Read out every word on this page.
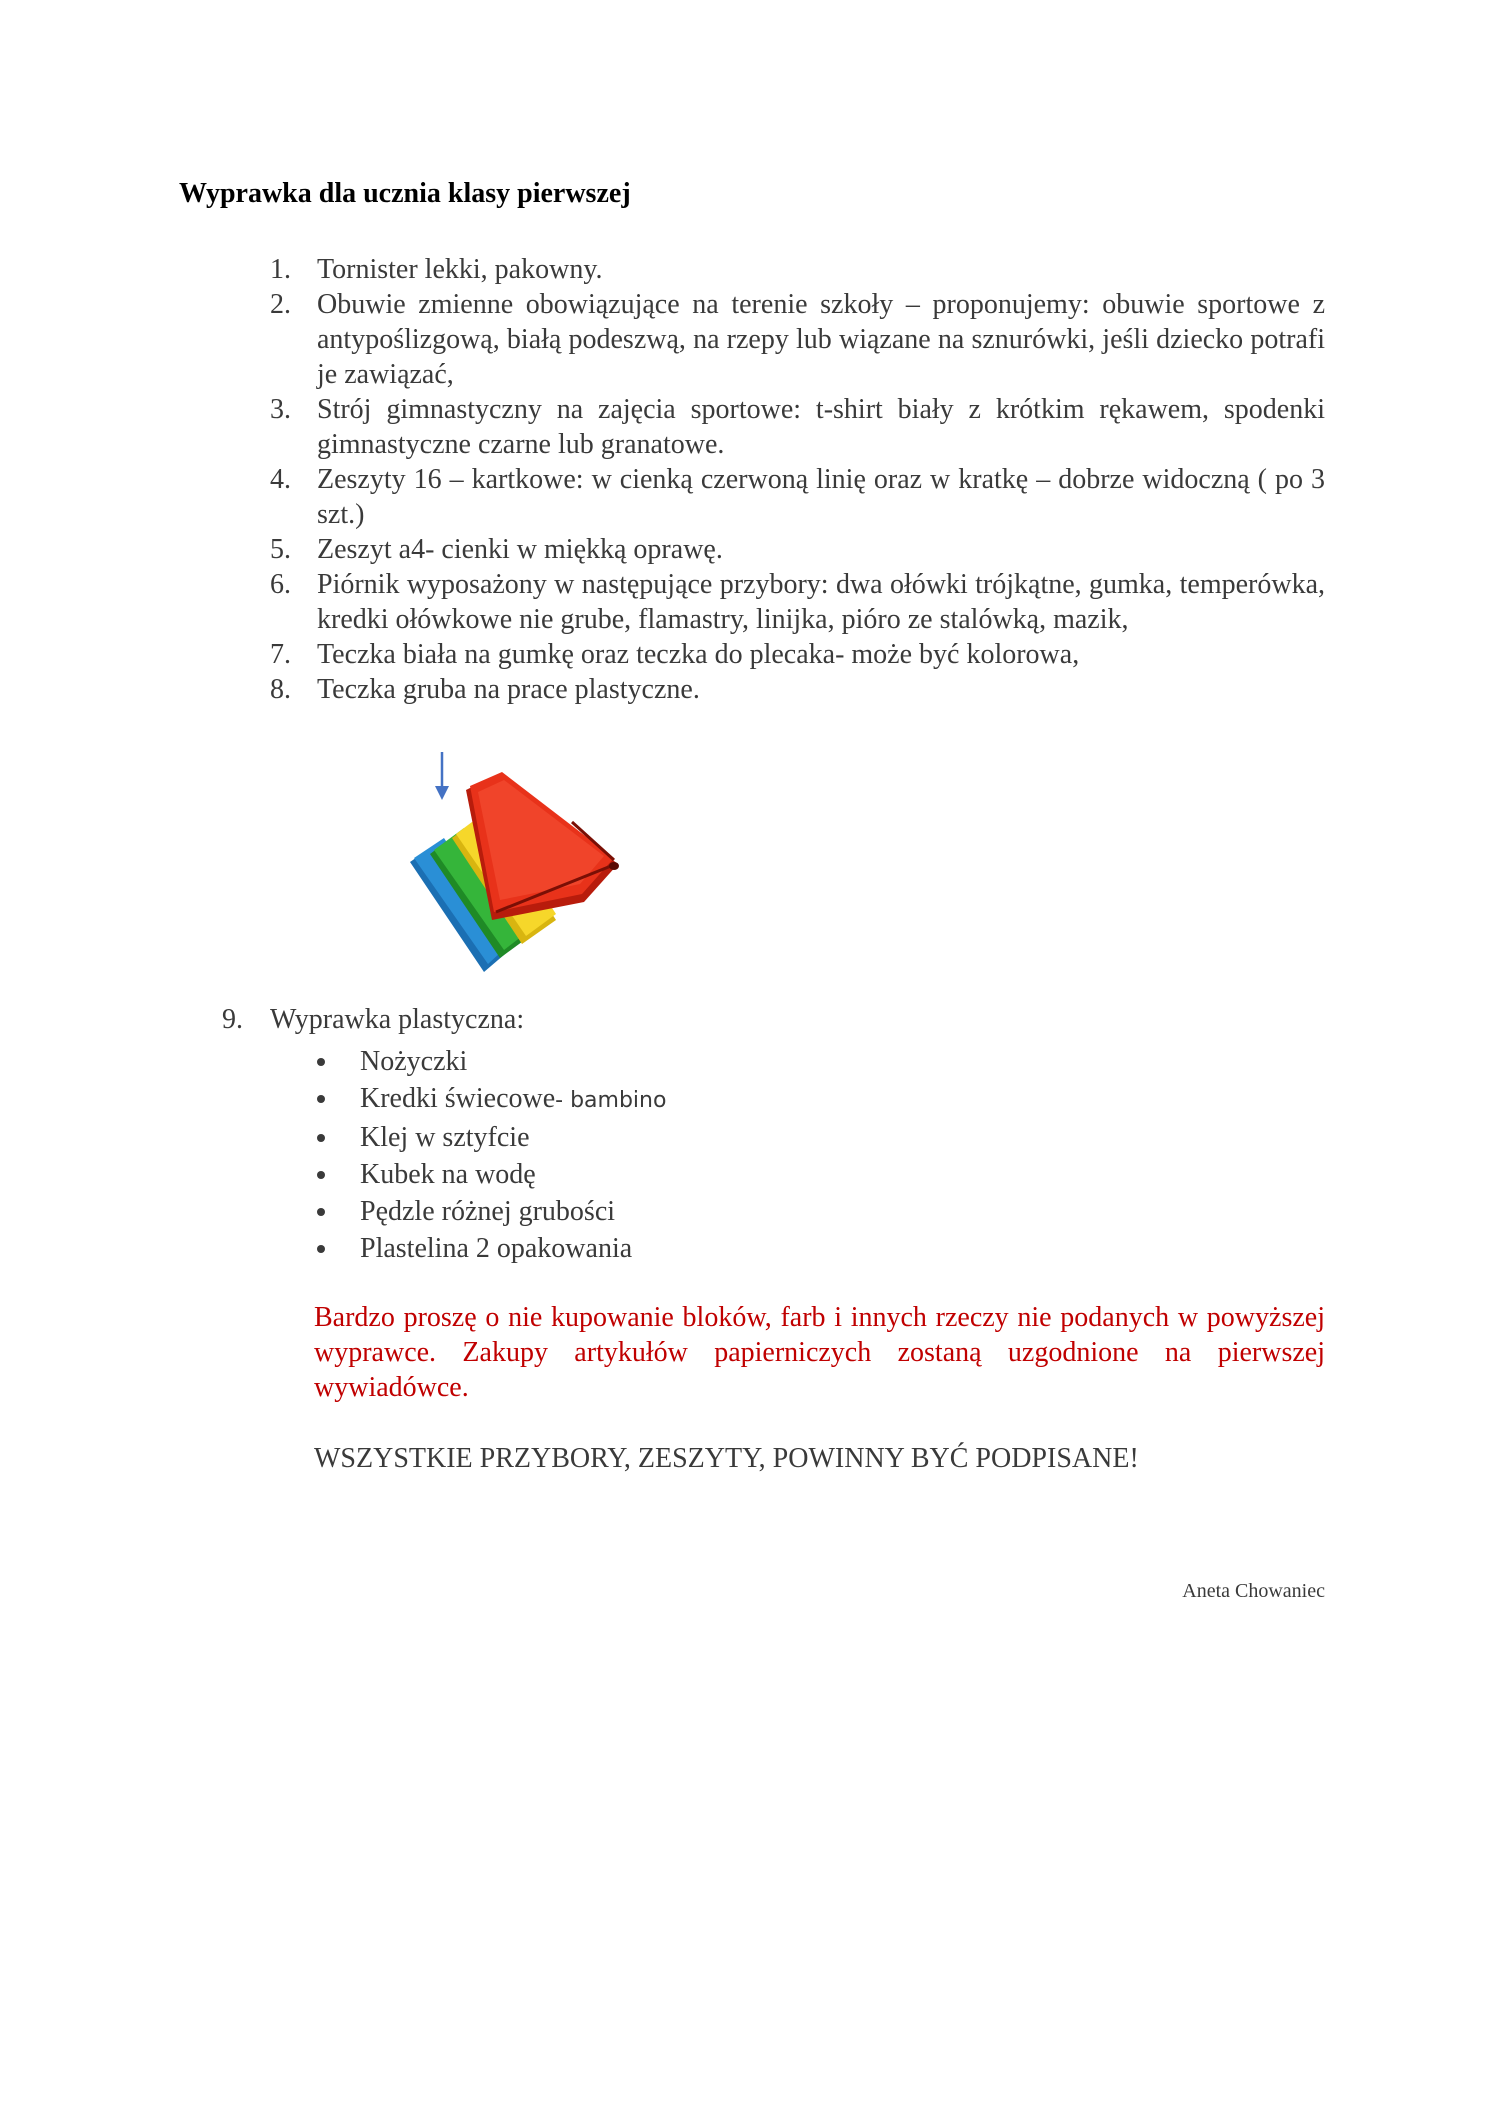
Wyprawka dla ucznia klasy pierwszej
1. Tornister lekki, pakowny.
2. Obuwie zmienne obowiązujące na terenie szkoły – proponujemy: obuwie sportowe z antypoślizgową, białą podeszwą, na rzepy lub wiązane na sznurówki, jeśli dziecko potrafi je zawiązać,
3. Strój gimnastyczny na zajęcia sportowe: t-shirt biały z krótkim rękawem, spodenki gimnastyczne czarne lub granatowe.
4. Zeszyty 16 – kartkowe: w cienką czerwoną linię oraz w kratkę – dobrze widoczną ( po 3 szt.)
5. Zeszyt a4- cienki w miękką oprawę.
6. Piórnik wyposażony w następujące przybory: dwa ołówki trójkątne, gumka, temperówka, kredki ołówkowe nie grube, flamastry, linijka, pióro ze stalówką, mazik,
7. Teczka biała na gumkę oraz teczka do plecaka- może być kolorowa,
8. Teczka gruba na prace plastyczne.
9. Wyprawka plastyczna:
Nożyczki
Kredki świecowe- bambino
Klej w sztyfcie
Kubek na wodę
Pędzle różnej grubości
Plastelina 2 opakowania

Bardzo proszę o nie kupowanie bloków, farb i innych rzeczy nie podanych w powyższej wyprawce. Zakupy artykułów papierniczych zostaną uzgodnione na pierwszej wywiadówce.

WSZYSTKIE PRZYBORY, ZESZYTY, POWINNY BYĆ PODPISANE!

Aneta Chowaniec
